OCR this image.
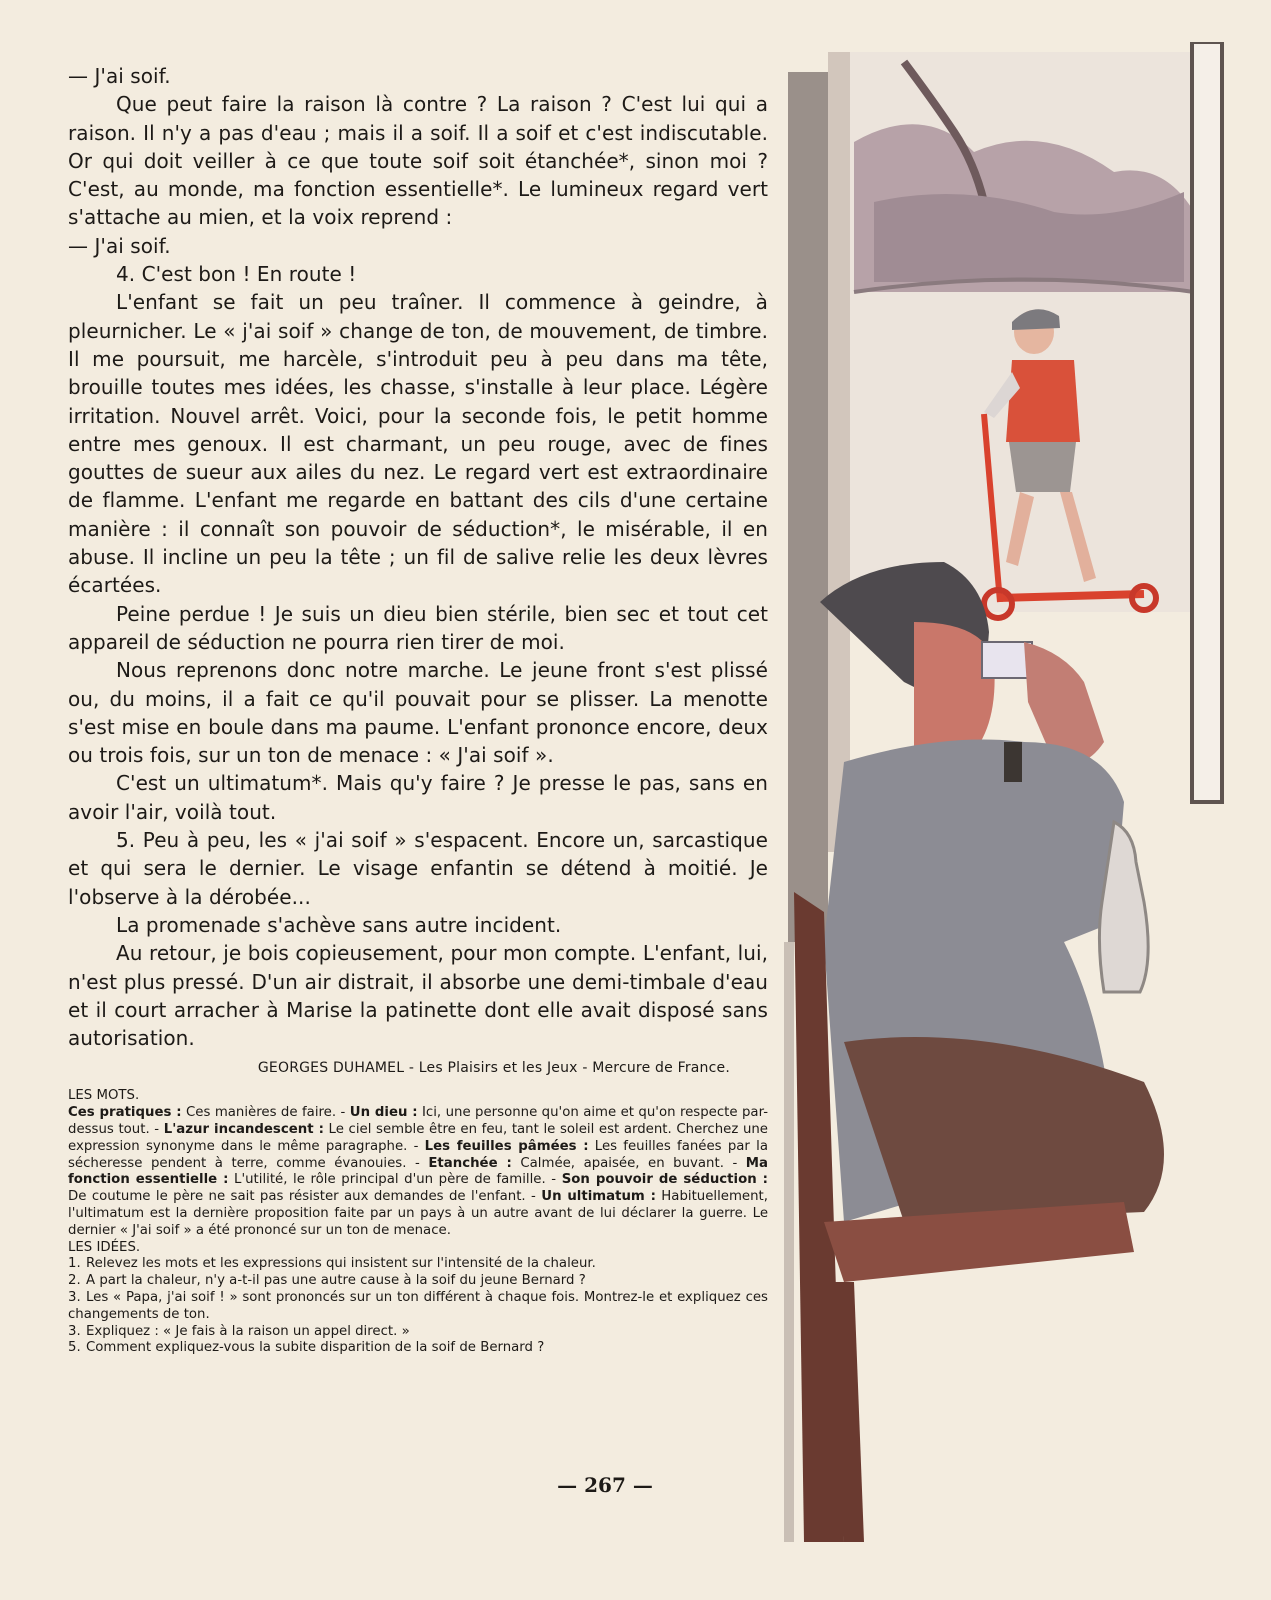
— J'ai soif.

Que peut faire la raison là contre ? La raison ? C'est lui qui a raison. Il n'y a pas d'eau ; mais il a soif. Il a soif et c'est indiscutable. Or qui doit veiller à ce que toute soif soit étanchée*, sinon moi ? C'est, au monde, ma fonction essentielle*. Le lumineux regard vert s'attache au mien, et la voix reprend :

— J'ai soif.

4. C'est bon ! En route !

L'enfant se fait un peu traîner. Il commence à geindre, à pleurnicher. Le « j'ai soif » change de ton, de mouvement, de timbre. Il me poursuit, me harcèle, s'introduit peu à peu dans ma tête, brouille toutes mes idées, les chasse, s'installe à leur place. Légère irritation. Nouvel arrêt. Voici, pour la seconde fois, le petit homme entre mes genoux. Il est charmant, un peu rouge, avec de fines gouttes de sueur aux ailes du nez. Le regard vert est extraordinaire de flamme. L'enfant me regarde en battant des cils d'une certaine manière : il connaît son pouvoir de séduction*, le misérable, il en abuse. Il incline un peu la tête ; un fil de salive relie les deux lèvres écartées.

Peine perdue ! Je suis un dieu bien stérile, bien sec et tout cet appareil de séduction ne pourra rien tirer de moi.

Nous reprenons donc notre marche. Le jeune front s'est plissé ou, du moins, il a fait ce qu'il pouvait pour se plisser. La menotte s'est mise en boule dans ma paume. L'enfant prononce encore, deux ou trois fois, sur un ton de menace : « J'ai soif ».

C'est un ultimatum*. Mais qu'y faire ? Je presse le pas, sans en avoir l'air, voilà tout.

5. Peu à peu, les « j'ai soif » s'espacent. Encore un, sarcastique et qui sera le dernier. Le visage enfantin se détend à moitié. Je l'observe à la dérobée...

La promenade s'achève sans autre incident.

Au retour, je bois copieusement, pour mon compte. L'enfant, lui, n'est plus pressé. D'un air distrait, il absorbe une demi-timbale d'eau et il court arracher à Marise la patinette dont elle avait disposé sans autorisation.

GEORGES DUHAMEL - Les Plaisirs et les Jeux - Mercure de France.

LES MOTS.

Ces pratiques : Ces manières de faire. - Un dieu : Ici, une personne qu'on aime et qu'on respecte par-dessus tout. - L'azur incandescent : Le ciel semble être en feu, tant le soleil est ardent. Cherchez une expression synonyme dans le même paragraphe. - Les feuilles pâmées : Les feuilles fanées par la sécheresse pendent à terre, comme évanouies. - Etanchée : Calmée, apaisée, en buvant. - Ma fonction essentielle : L'utilité, le rôle principal d'un père de famille. - Son pouvoir de séduction : De coutume le père ne sait pas résister aux demandes de l'enfant. - Un ultimatum : Habituellement, l'ultimatum est la dernière proposition faite par un pays à un autre avant de lui déclarer la guerre. Le dernier « J'ai soif » a été prononcé sur un ton de menace.

LES IDÉES.

1. Relevez les mots et les expressions qui insistent sur l'intensité de la chaleur.
2. A part la chaleur, n'y a-t-il pas une autre cause à la soif du jeune Bernard ?
3. Les « Papa, j'ai soif ! » sont prononcés sur un ton différent à chaque fois. Montrez-le et expliquez ces changements de ton.
3. Expliquez : « Je fais à la raison un appel direct. »
5. Comment expliquez-vous la subite disparition de la soif de Bernard ?
— 267 —
